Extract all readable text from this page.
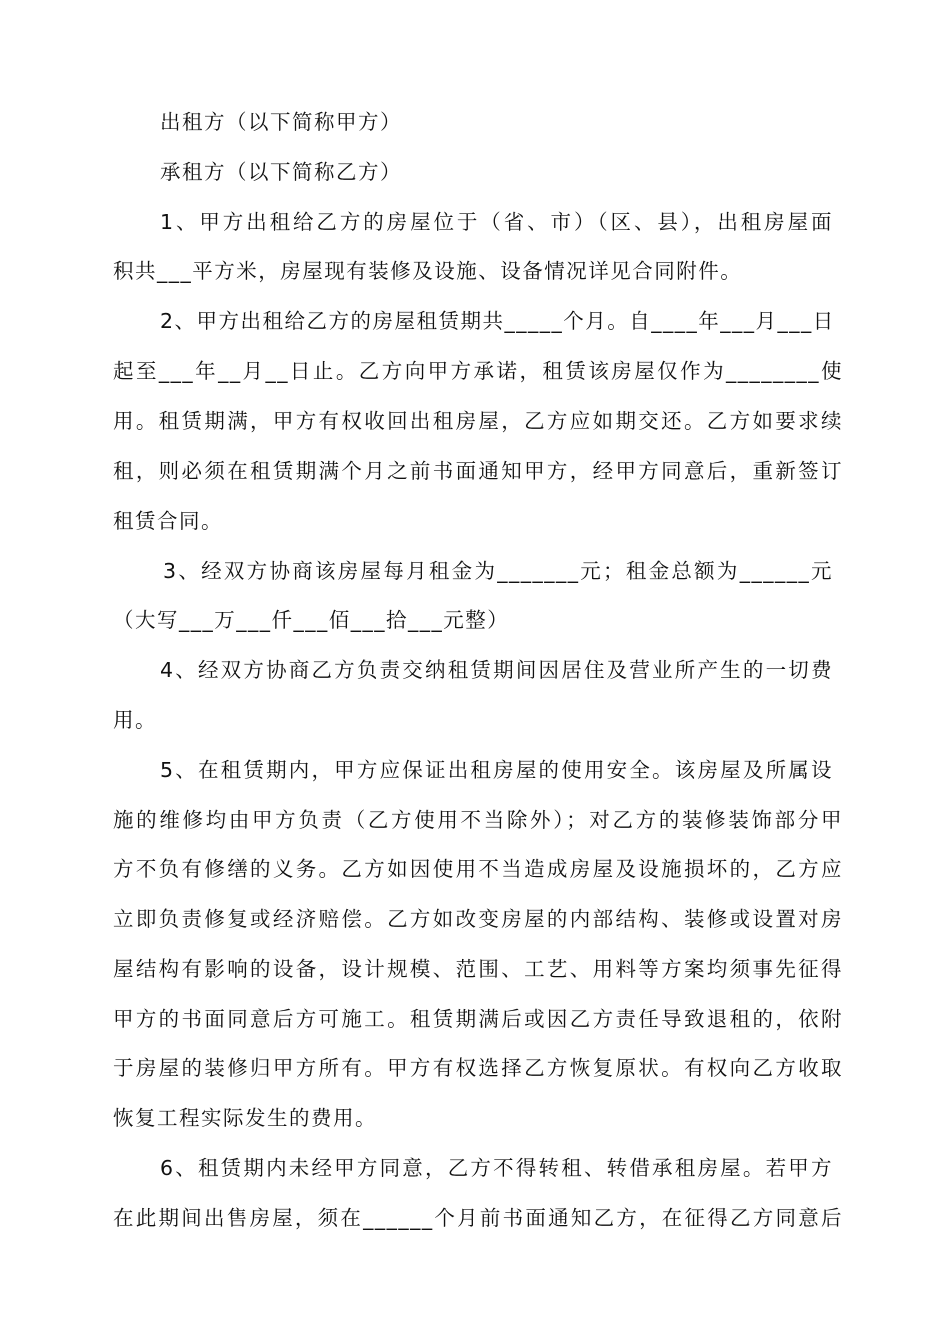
出租方（以下简称甲方）
承租方（以下简称乙方）
1、甲方出租给乙方的房屋位于（省、市）（区、县），出租房屋面
积共___平方米，房屋现有装修及设施、设备情况详见合同附件。
2、甲方出租给乙方的房屋租赁期共_____个月。自____年___月___日
起至___年__月__日止。乙方向甲方承诺，租赁该房屋仅作为________使
用。租赁期满，甲方有权收回出租房屋，乙方应如期交还。乙方如要求续
租，则必须在租赁期满个月之前书面通知甲方，经甲方同意后，重新签订
租赁合同。
3、经双方协商该房屋每月租金为_______元；租金总额为______元
（大写___万___仟___佰___拾___元整）
4、经双方协商乙方负责交纳租赁期间因居住及营业所产生的一切费
用。
5、在租赁期内，甲方应保证出租房屋的使用安全。该房屋及所属设
施的维修均由甲方负责（乙方使用不当除外）；对乙方的装修装饰部分甲
方不负有修缮的义务。乙方如因使用不当造成房屋及设施损坏的，乙方应
立即负责修复或经济赔偿。乙方如改变房屋的内部结构、装修或设置对房
屋结构有影响的设备，设计规模、范围、工艺、用料等方案均须事先征得
甲方的书面同意后方可施工。租赁期满后或因乙方责任导致退租的，依附
于房屋的装修归甲方所有。甲方有权选择乙方恢复原状。有权向乙方收取
恢复工程实际发生的费用。
6、租赁期内未经甲方同意，乙方不得转租、转借承租房屋。若甲方
在此期间出售房屋，须在______个月前书面通知乙方，在征得乙方同意后
